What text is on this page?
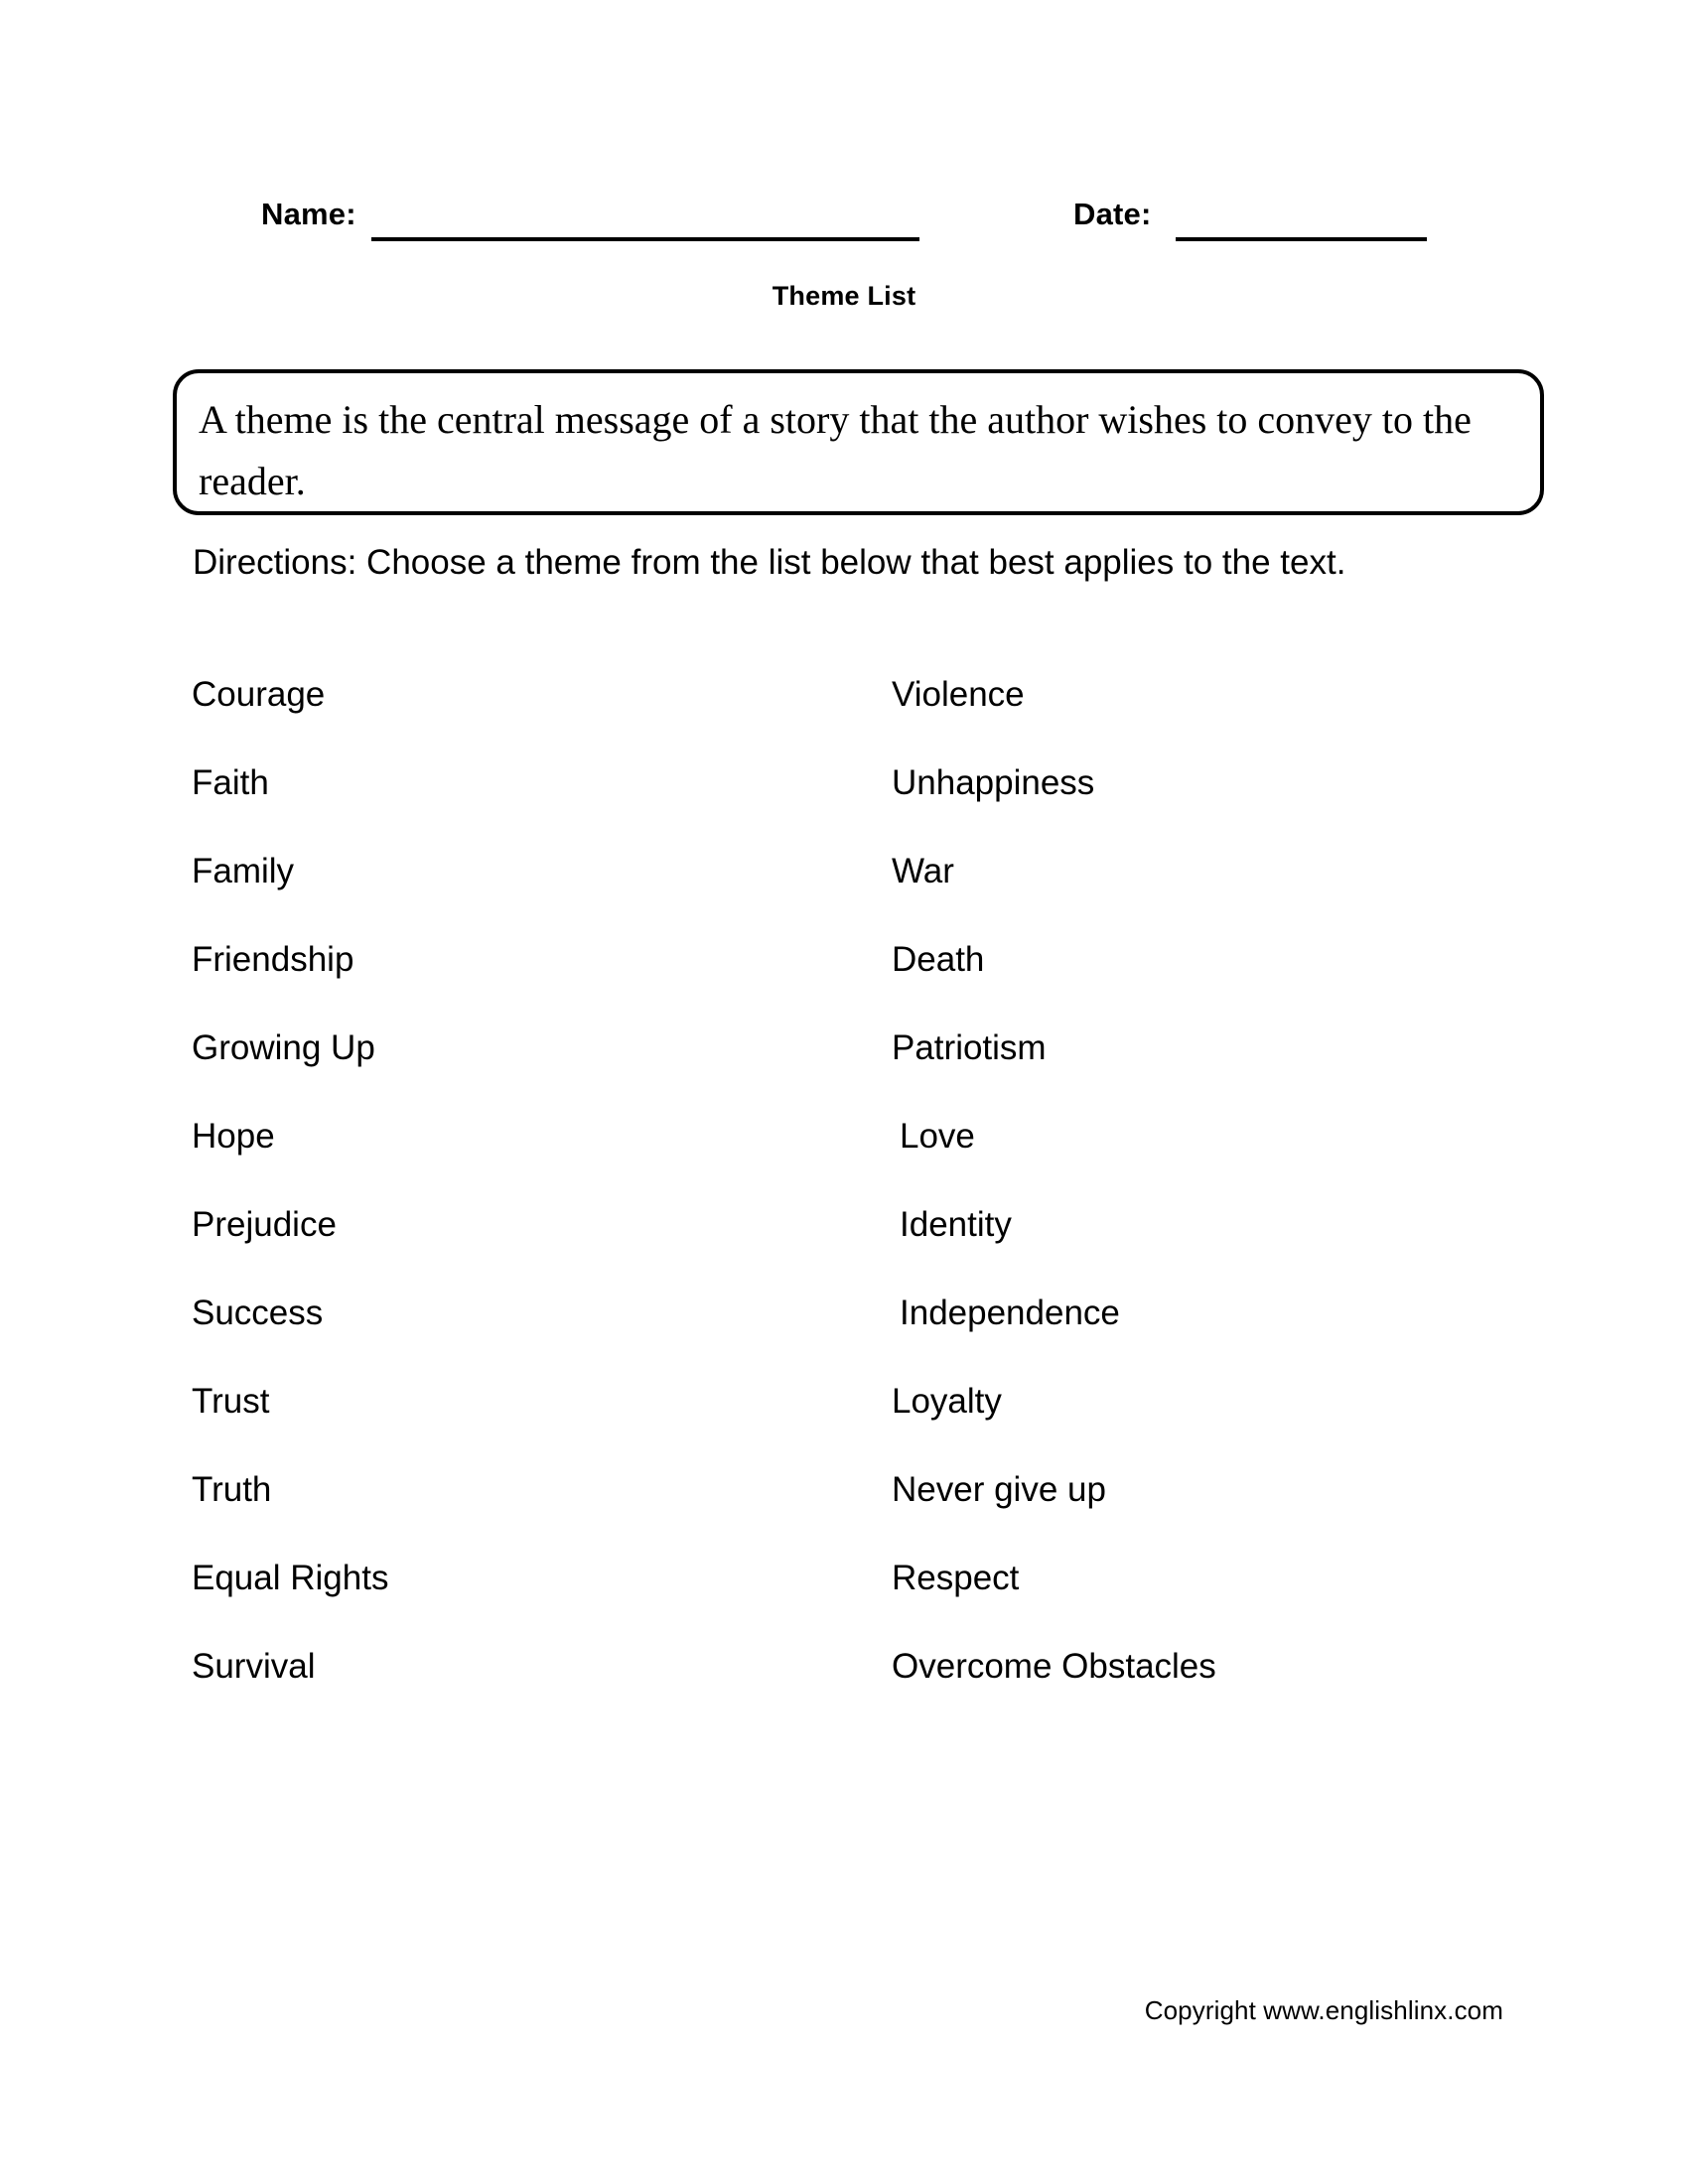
Name:	Date:
Theme List
A theme is the central message of a story that the author wishes to convey to the reader.
Directions: Choose a theme from the list below that best applies to the text.
Courage	Violence
Faith	Unhappiness
Family	War
Friendship	Death
Growing Up	Patriotism
Hope	Love
Prejudice	Identity
Success	Independence
Trust	Loyalty
Truth	Never give up
Equal Rights	Respect
Survival	Overcome Obstacles
Copyright www.englishlinx.com
